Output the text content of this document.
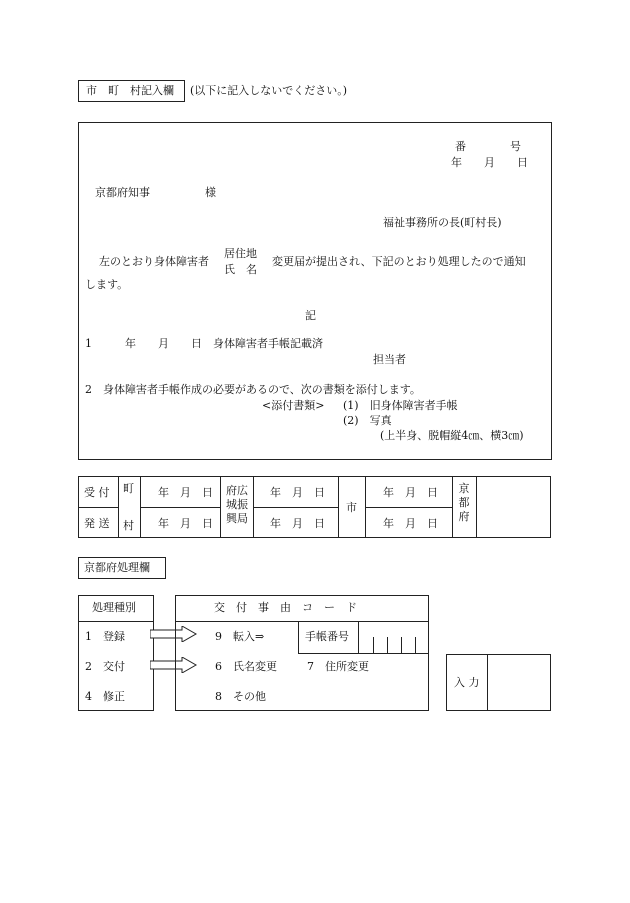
市　町　村記入欄 (以下に記入しないでください。)
番　　　　号
年　　月　　日
京都府知事　　　　　様
福祉事務所の長(町村長)
左のとおり身体障害者
居住地
氏　名
変更届が提出され、下記のとおり処理したので通知
します。
記
1　　　年　　月　　日　身体障害者手帳記載済
担当者
2　身体障害者手帳作成の必要があるので、次の書類を添付します。
<添付書類> (1)　旧身体障害者手帳
(2)　写真
(上半身、脱帽縦4㎝、横3㎝)
受 付
発 送
町
村
年　月　日
年　月　日
府広城振興局
年　月　日
年　月　日
市
年　月　日
年　月　日
京都府
京都府処理欄
処理種別
1　登録
2　交付
4　修正
交　付　事　由　コ　ー　ド
9　転入⇒	手帳番号
6　氏名変更	7　住所変更
8　その他
入 力
